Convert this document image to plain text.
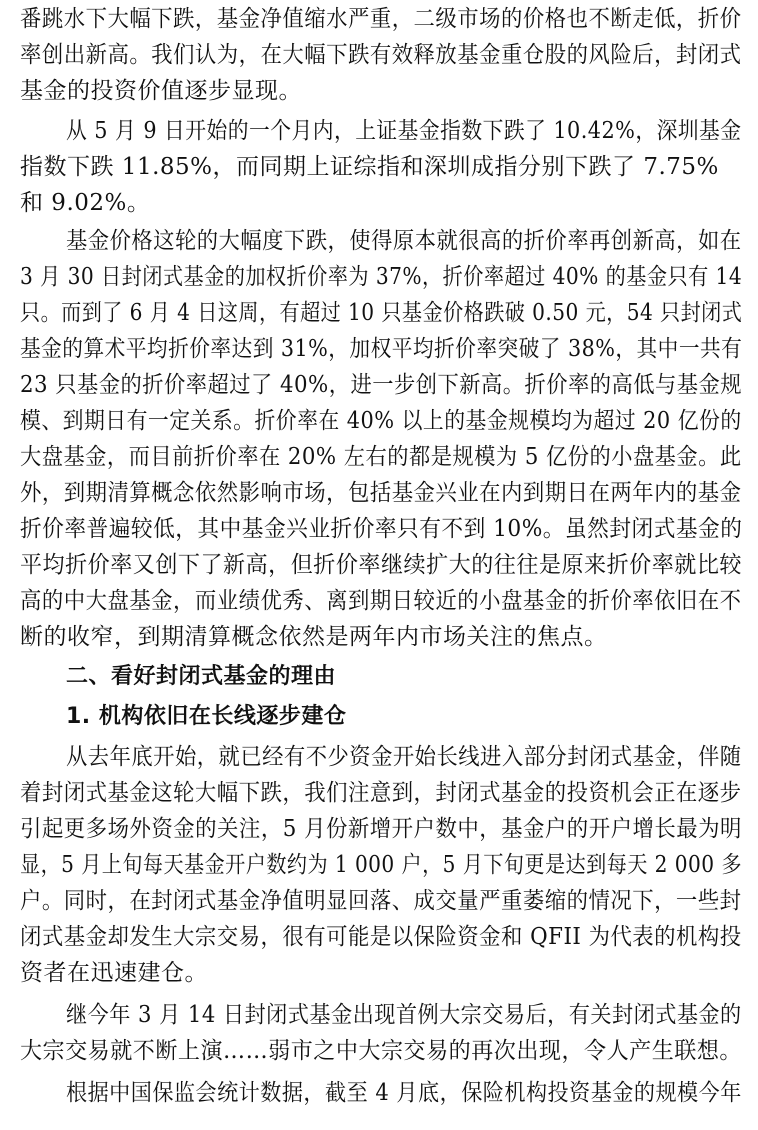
番跳水下大幅下跌，基金净值缩水严重，二级市场的价格也不断走低，折价
率创出新高。我们认为，在大幅下跌有效释放基金重仓股的风险后，封闭式
基金的投资价值逐步显现。
从 5 月 9 日开始的一个月内，上证基金指数下跌了 10.42%，深圳基金
指数下跌 11.85%，而同期上证综指和深圳成指分别下跌了 7.75%
和 9.02%。
基金价格这轮的大幅度下跌，使得原本就很高的折价率再创新高，如在
3 月 30 日封闭式基金的加权折价率为 37%，折价率超过 40% 的基金只有 14
只。而到了 6 月 4 日这周，有超过 10 只基金价格跌破 0.50 元，54 只封闭式
基金的算术平均折价率达到 31%，加权平均折价率突破了 38%，其中一共有
23 只基金的折价率超过了 40%，进一步创下新高。折价率的高低与基金规
模、到期日有一定关系。折价率在 40% 以上的基金规模均为超过 20 亿份的
大盘基金，而目前折价率在 20% 左右的都是规模为 5 亿份的小盘基金。此
外，到期清算概念依然影响市场，包括基金兴业在内到期日在两年内的基金
折价率普遍较低，其中基金兴业折价率只有不到 10%。虽然封闭式基金的
平均折价率又创下了新高，但折价率继续扩大的往往是原来折价率就比较
高的中大盘基金，而业绩优秀、离到期日较近的小盘基金的折价率依旧在不
断的收窄，到期清算概念依然是两年内市场关注的焦点。
二、看好封闭式基金的理由
1. 机构依旧在长线逐步建仓
从去年底开始，就已经有不少资金开始长线进入部分封闭式基金，伴随
着封闭式基金这轮大幅下跌，我们注意到，封闭式基金的投资机会正在逐步
引起更多场外资金的关注，5 月份新增开户数中，基金户的开户增长最为明
显，5 月上旬每天基金开户数约为 1 000 户，5 月下旬更是达到每天 2 000 多
户。同时，在封闭式基金净值明显回落、成交量严重萎缩的情况下，一些封
闭式基金却发生大宗交易，很有可能是以保险资金和 QFII 为代表的机构投
资者在迅速建仓。
继今年 3 月 14 日封闭式基金出现首例大宗交易后，有关封闭式基金的
大宗交易就不断上演……弱市之中大宗交易的再次出现，令人产生联想。
根据中国保监会统计数据，截至 4 月底，保险机构投资基金的规模今年
